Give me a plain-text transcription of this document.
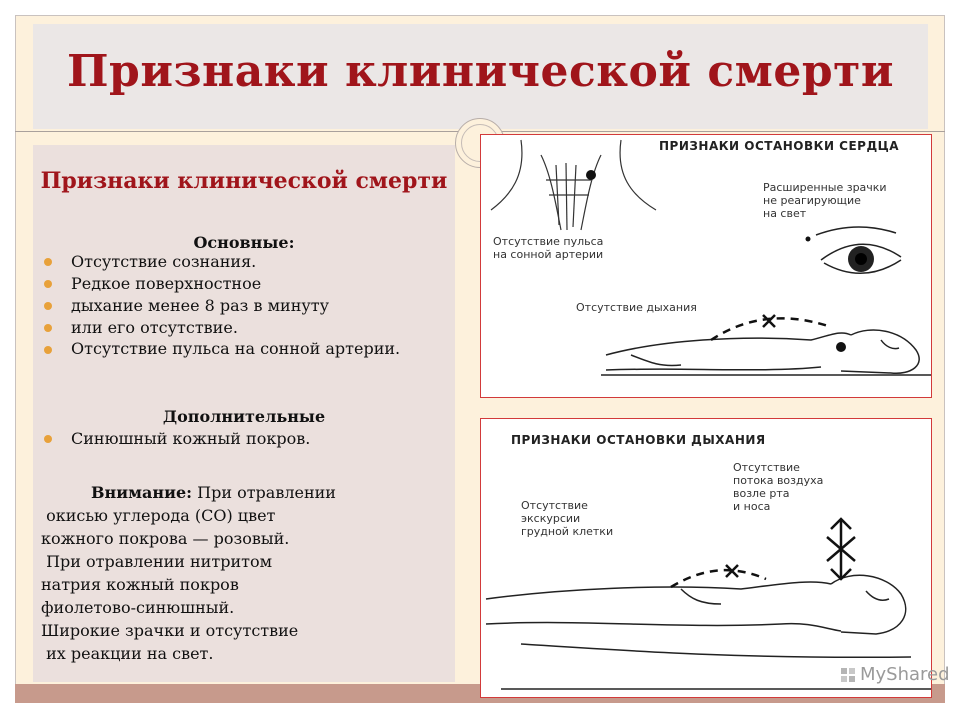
Признаки клинической смерти
Признаки клинической смерти
Основные:
Отсутствие сознания.
Редкое поверхностное
дыхание менее 8 раз в минуту
или его отсутствие.
Отсутствие пульса на сонной артерии.
Дополнительные
Синюшный кожный покров.
Внимание: При отравлении
окисью углерода (СО) цвет
кожного покрова — розовый.
При отравлении нитритом
натрия кожный покров
фиолетово-синюшный.
Широкие зрачки и отсутствие
их реакции на свет.
ПРИЗНАКИ ОСТАНОВКИ СЕРДЦА
Расширенные зрачки
не реагирующие
на свет
Отсутствие пульса
на сонной артерии
Отсутствие дыхания
ПРИЗНАКИ ОСТАНОВКИ ДЫХАНИЯ
Отсутствие
потока воздуха
возле рта
и носа
Отсутствие
экскурсии
грудной клетки
MyShared
